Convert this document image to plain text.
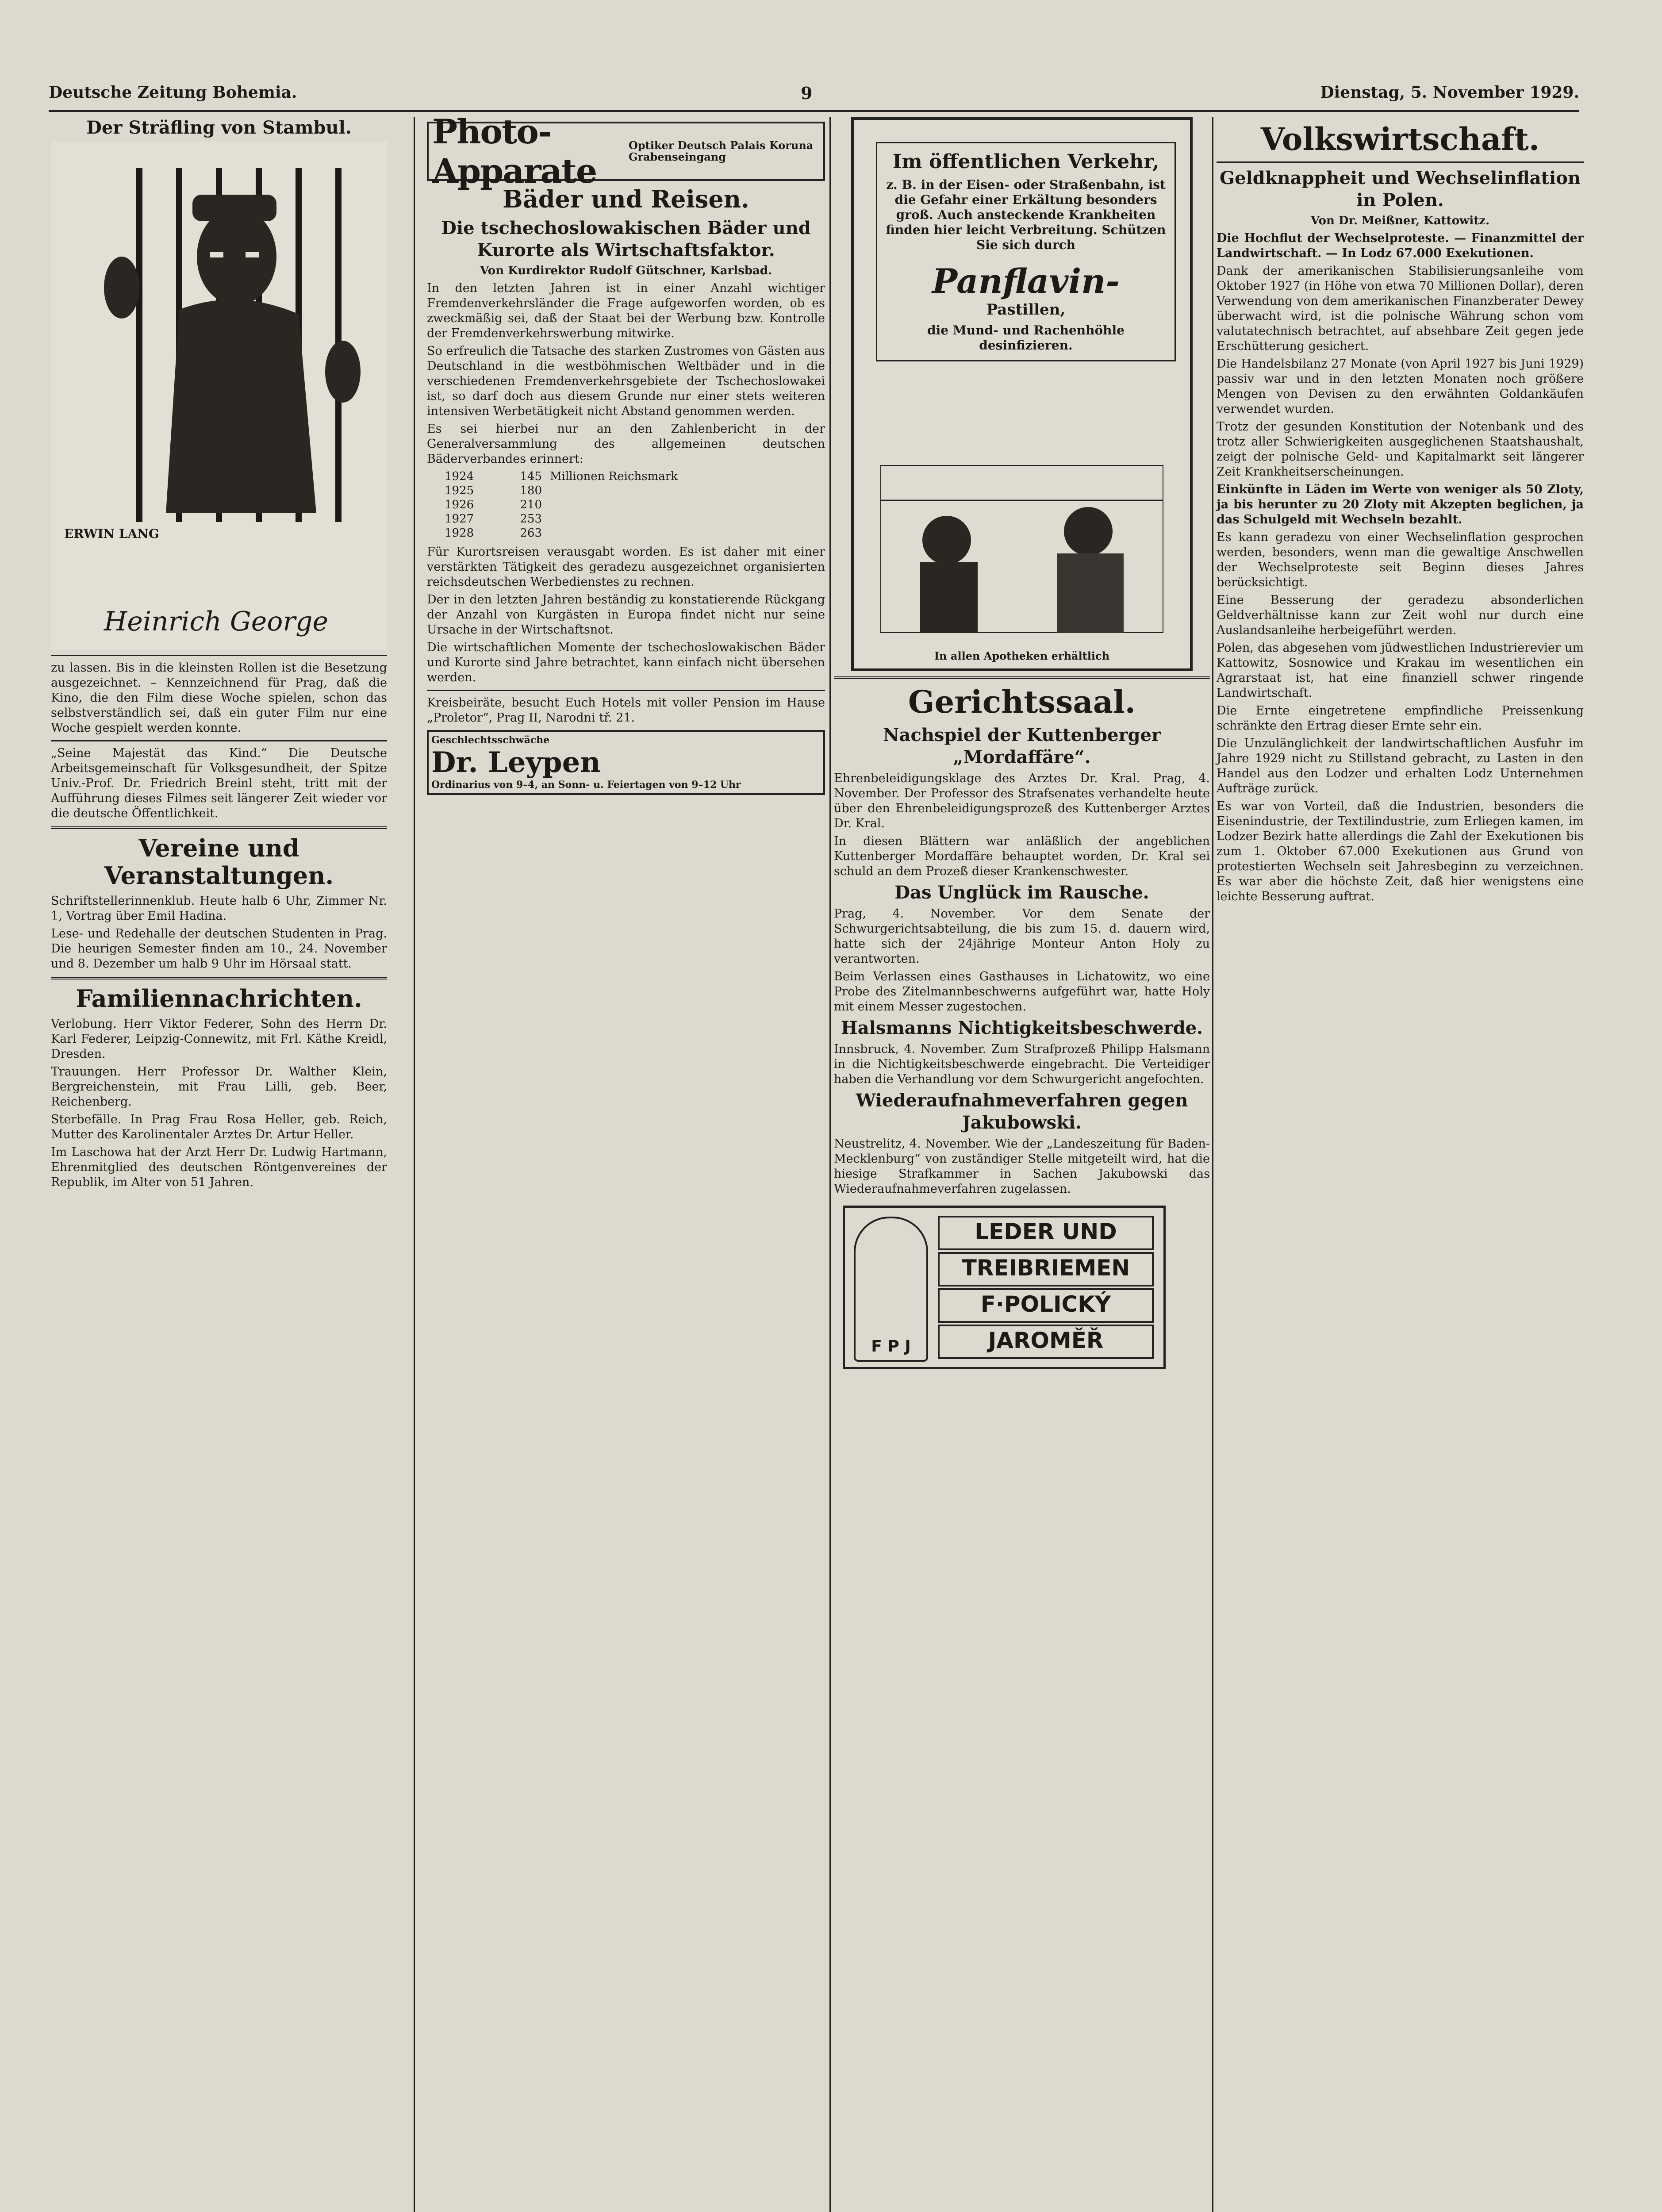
Deutsche Zeitung Bohemia.	9	Dienstag, 5. November 1929.
Der Sträfling von Stambul.
ERWIN LANG
Heinrich George

zu lassen. Bis in die kleinsten Rollen ist die Besetzung ausgezeichnet. – Kennzeichnend für Prag, daß die Kino, die den Film diese Woche spielen, schon das selbstverständlich sei, daß ein guter Film nur eine Woche gespielt werden konnte.

„Seine Majestät das Kind.“ Die Deutsche Arbeitsgemeinschaft für Volksgesundheit, der Spitze Univ.-Prof. Dr. Friedrich Breinl steht, tritt mit der Aufführung dieses Filmes seit längerer Zeit wieder vor die deutsche Öffentlichkeit.

Vereine und Veranstaltungen.

Schriftstellerinnenklub. Heute halb 6 Uhr, Zimmer Nr. 1, Vortrag über Emil Hadina.

Lese- und Redehalle der deutschen Studenten in Prag. Die heurigen Semester finden am 10., 24. November und 8. Dezember um halb 9 Uhr im Hörsaal statt.

Familiennachrichten.

Verlobung. Herr Viktor Federer, Sohn des Herrn Dr. Karl Federer, Leipzig-Connewitz, mit Frl. Käthe Kreidl, Dresden.

Trauungen. Herr Professor Dr. Walther Klein, Bergreichenstein, mit Frau Lilli, geb. Beer, Reichenberg.

Sterbefälle. In Prag Frau Rosa Heller, geb. Reich, Mutter des Karolinentaler Arztes Dr. Artur Heller.

Im Laschowa hat der Arzt Herr Dr. Ludwig Hartmann, Ehrenmitglied des deutschen Röntgenvereines der Republik, im Alter von 51 Jahren.

Photo-Apparate
Optiker Deutsch Palais Koruna Grabenseingang
Bäder und Reisen.
Die tschechoslowakischen Bäder und Kurorte als Wirtschaftsfaktor.
Von Kurdirektor Rudolf Gütschner, Karlsbad.

In den letzten Jahren ist in einer Anzahl wichtiger Fremdenverkehrsländer die Frage aufgeworfen worden, ob es zweckmäßig sei, daß der Staat bei der Werbung bzw. Kontrolle der Fremdenverkehrswerbung mitwirke.

So erfreulich die Tatsache des starken Zustromes von Gästen aus Deutschland in die westböhmischen Weltbäder und in die verschiedenen Fremdenverkehrsgebiete der Tschechoslowakei ist, so darf doch aus diesem Grunde nur einer stets weiteren intensiven Werbetätigkeit nicht Abstand genommen werden.

Es sei hierbei nur an den Zahlenbericht in der Generalversammlung des allgemeinen deutschen Bäderverbandes erinnert:

1924	145 Millionen Reichsmark
1925	180
1926	210
1927	253
1928	263

Für Kurortsreisen verausgabt worden. Es ist daher mit einer verstärkten Tätigkeit des geradezu ausgezeichnet organisierten reichsdeutschen Werbedienstes zu rechnen.

Der in den letzten Jahren beständig zu konstatierende Rückgang der Anzahl von Kurgästen in Europa findet nicht nur seine Ursache in der Wirtschaftsnot.

Die wirtschaftlichen Momente der tschechoslowakischen Bäder und Kurorte sind Jahre betrachtet, kann einfach nicht übersehen werden.

Kreisbeiräte, besucht Euch Hotels mit voller Pension im Hause „Proletor“, Prag II, Narodni tř. 21.

Geschlechtsschwäche
Dr. Leypen
Ordinarius von 9–4, an Sonn- u. Feiertagen von 9–12 Uhr
Im öffentlichen Verkehr,
z. B. in der Eisen- oder Straßenbahn, ist die Gefahr einer Erkältung besonders groß. Auch ansteckende Krankheiten finden hier leicht Verbreitung. Schützen Sie sich durch
Panflavin-
Pastillen,
die Mund- und Rachenhöhle desinfizieren.
In allen Apotheken erhältlich
Gerichtssaal.
Nachspiel der Kuttenberger „Mordaffäre“.

Ehrenbeleidigungsklage des Arztes Dr. Kral. Prag, 4. November. Der Professor des Strafsenates verhandelte heute über den Ehrenbeleidigungsprozeß des Kuttenberger Arztes Dr. Kral.

In diesen Blättern war anläßlich der angeblichen Kuttenberger Mordaffäre behauptet worden, Dr. Kral sei schuld an dem Prozeß dieser Krankenschwester.

Das Unglück im Rausche.

Prag, 4. November. Vor dem Senate der Schwurgerichtsabteilung, die bis zum 15. d. dauern wird, hatte sich der 24jährige Monteur Anton Holy zu verantworten.

Beim Verlassen eines Gasthauses in Lichatowitz, wo eine Probe des Zitelmannbeschwerns aufgeführt war, hatte Holy mit einem Messer zugestochen.

Halsmanns Nichtigkeitsbeschwerde.

Innsbruck, 4. November. Zum Strafprozeß Philipp Halsmann in die Nichtigkeitsbeschwerde eingebracht. Die Verteidiger haben die Verhandlung vor dem Schwurgericht angefochten.

Wiederaufnahmeverfahren gegen Jakubowski.

Neustrelitz, 4. November. Wie der „Landeszeitung für Baden-Mecklenburg“ von zuständiger Stelle mitgeteilt wird, hat die hiesige Strafkammer in Sachen Jakubowski das Wiederaufnahmeverfahren zugelassen.

F P J
LEDER UND
TREIBRIEMEN
F·POLICKÝ
JAROMĚŘ
Volkswirtschaft.
Geldknappheit und Wechselinflation in Polen.
Von Dr. Meißner, Kattowitz.

Die Hochflut der Wechselproteste. — Finanzmittel der Landwirtschaft. — In Lodz 67.000 Exekutionen.

Dank der amerikanischen Stabilisierungsanleihe vom Oktober 1927 (in Höhe von etwa 70 Millionen Dollar), deren Verwendung von dem amerikanischen Finanzberater Dewey überwacht wird, ist die polnische Währung schon vom valutatechnisch betrachtet, auf absehbare Zeit gegen jede Erschütterung gesichert.

Die Handelsbilanz 27 Monate (von April 1927 bis Juni 1929) passiv war und in den letzten Monaten noch größere Mengen von Devisen zu den erwähnten Goldankäufen verwendet wurden.

Trotz der gesunden Konstitution der Notenbank und des trotz aller Schwierigkeiten ausgeglichenen Staatshaushalt, zeigt der polnische Geld- und Kapitalmarkt seit längerer Zeit Krankheitserscheinungen.

Einkünfte in Läden im Werte von weniger als 50 Zloty, ja bis herunter zu 20 Zloty mit Akzepten beglichen, ja das Schulgeld mit Wechseln bezahlt.

Es kann geradezu von einer Wechselinflation gesprochen werden, besonders, wenn man die gewaltige Anschwellen der Wechselproteste seit Beginn dieses Jahres berücksichtigt.

Eine Besserung der geradezu absonderlichen Geldverhältnisse kann zur Zeit wohl nur durch eine Auslandsanleihe herbeigeführt werden.

Polen, das abgesehen vom jüdwestlichen Industrierevier um Kattowitz, Sosnowice und Krakau im wesentlichen ein Agrarstaat ist, hat eine finanziell schwer ringende Landwirtschaft.

Die Ernte eingetretene empfindliche Preissenkung schränkte den Ertrag dieser Ernte sehr ein.

Die Unzulänglichkeit der landwirtschaftlichen Ausfuhr im Jahre 1929 nicht zu Stillstand gebracht, zu Lasten in den Handel aus den Lodzer und erhalten Lodz Unternehmen Aufträge zurück.

Es war von Vorteil, daß die Industrien, besonders die Eisenindustrie, der Textilindustrie, zum Erliegen kamen, im Lodzer Bezirk hatte allerdings die Zahl der Exekutionen bis zum 1. Oktober 67.000 Exekutionen aus Grund von protestierten Wechseln seit Jahresbeginn zu verzeichnen. Es war aber die höchste Zeit, daß hier wenigstens eine leichte Besserung auftrat.
